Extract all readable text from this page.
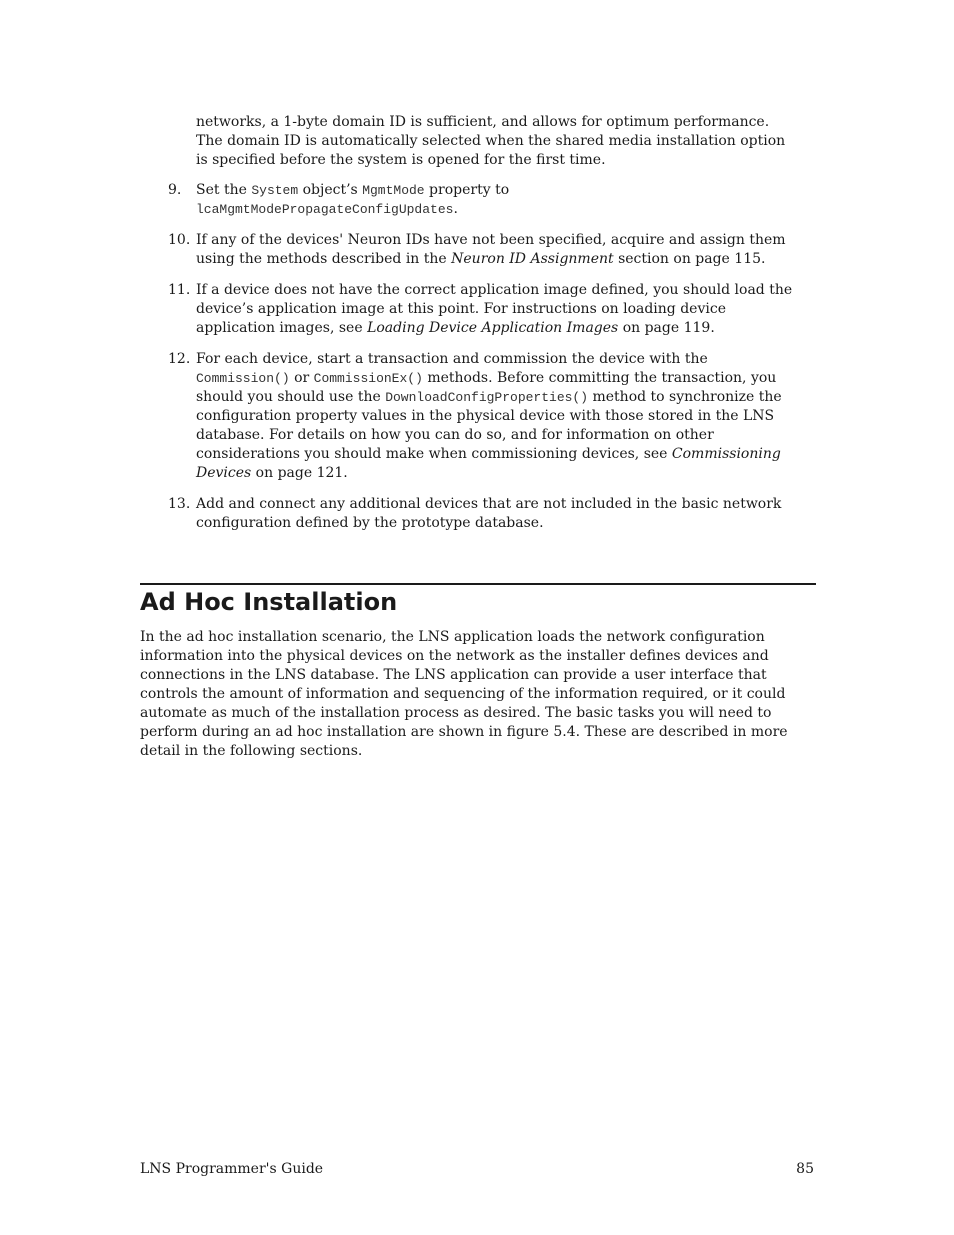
networks, a 1-byte domain ID is sufficient, and allows for optimum performance. The domain ID is automatically selected when the shared media installation option is specified before the system is opened for the first time.

9.	Set the System object’s MgmtMode property to
lcaMgmtModePropagateConfigUpdates.

10. If any of the devices' Neuron IDs have not been specified, acquire and assign them using the methods described in the Neuron ID Assignment section on page 115.

11. If a device does not have the correct application image defined, you should load the device’s application image at this point. For instructions on loading device application images, see Loading Device Application Images on page 119.

12. For each device, start a transaction and commission the device with the
Commission() or CommissionEx() methods. Before committing the transaction, you should you should use the DownloadConfigProperties() method to synchronize the configuration property values in the physical device with those stored in the LNS database. For details on how you can do so, and for information on other considerations you should make when commissioning devices, see Commissioning Devices on page 121.

13. Add and connect any additional devices that are not included in the basic network configuration defined by the prototype database.

Ad Hoc Installation

In the ad hoc installation scenario, the LNS application loads the network configuration information into the physical devices on the network as the installer defines devices and connections in the LNS database. The LNS application can provide a user interface that controls the amount of information and sequencing of the information required, or it could automate as much of the installation process as desired. The basic tasks you will need to perform during an ad hoc installation are shown in figure 5.4. These are described in more detail in the following sections.

LNS Programmer's Guide	85
